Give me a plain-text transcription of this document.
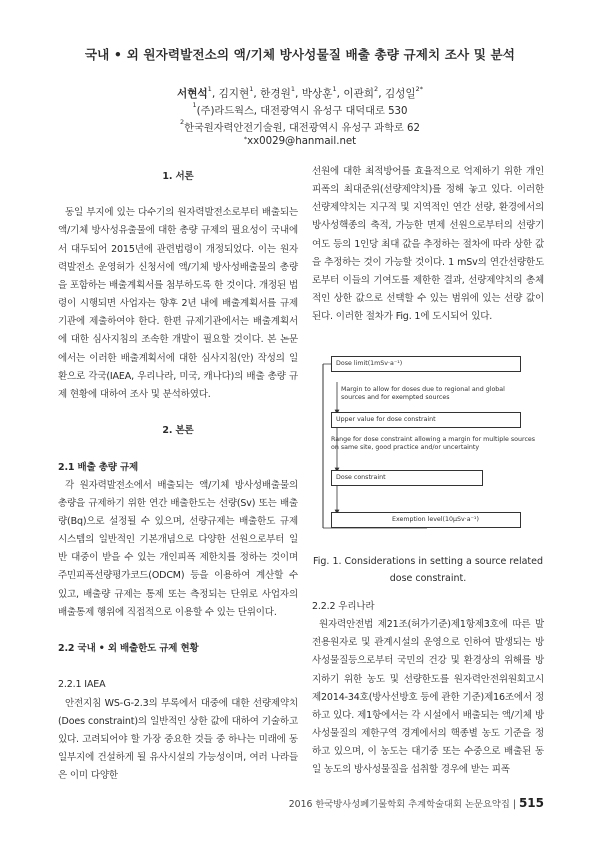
국내 • 외 원자력발전소의 액/기체 방사성물질 배출 총량 규제치 조사 및 분석
서현석$^1$, 김지현$^1$, 한경원$^1$, 박상훈$^1$, 이관희$^2$, 김성일$^{2*}$
$^1$(주)라드웍스, 대전광역시 유성구 대덕대로 530
$^2$한국원자력안전기술원, 대전광역시 유성구 과학로 62
*xx0029@hanmail.net

1. 서론

동일 부지에 있는 다수기의 원자력발전소로부터 배출되는 액/기체 방사성유출물에 대한 총량 규제의 필요성이 국내에서 대두되어 2015년에 관련법령이 개정되었다. 이는 원자력발전소 운영허가 신청서에 액/기체 방사성배출물의 총량을 포함하는 배출계획서를 첨부하도록 한 것이다. 개정된 법령이 시행되면 사업자는 향후 2년 내에 배출계획서를 규제기관에 제출하여야 한다. 한편 규제기관에서는 배출계획서에 대한 심사지침의 조속한 개발이 필요할 것이다. 본 논문에서는 이러한 배출계획서에 대한 심사지침(안) 작성의 일환으로 각국(IAEA, 우리나라, 미국, 캐나다)의 배출 총량 규제 현황에 대하여 조사 및 분석하였다.

2. 본론

2.1 배출 총량 규제

각 원자력발전소에서 배출되는 액/기체 방사성배출물의 총량을 규제하기 위한 연간 배출한도는 선량(Sv) 또는 배출량(Bq)으로 설정될 수 있으며, 선량규제는 배출한도 규제 시스템의 일반적인 기본개념으로 다양한 선원으로부터 일반 대중이 받을 수 있는 개인피폭 제한치를 정하는 것이며 주민피폭선량평가코드(ODCM) 등을 이용하여 계산할 수 있고, 배출량 규제는 통제 또는 측정되는 단위로 사업자의 배출통제 행위에 직접적으로 이용할 수 있는 단위이다.

2.2 국내 • 외 배출한도 규제 현황

2.2.1 IAEA

안전지침 WS-G-2.3의 부록에서 대중에 대한 선량제약치(Does constraint)의 일반적인 상한 값에 대하여 기술하고 있다. 고려되어야 할 가장 중요한 것들 중 하나는 미래에 동일부지에 건설하게 될 유사시설의 가능성이며, 여러 나라들은 이미 다양한

선원에 대한 최적방어를 효율적으로 억제하기 위한 개인피폭의 최대준위(선량제약치)를 정해 놓고 있다. 이러한 선량제약치는 지구적 및 지역적인 연간 선량, 환경에서의 방사성핵종의 축적, 가능한 면제 선원으로부터의 선량기여도 등의 1인당 최대 값을 추정하는 절차에 따라 상한 값을 추정하는 것이 가능할 것이다. 1 mSv의 연간선량한도로부터 이들의 기여도를 제한한 결과, 선량제약치의 총체적인 상한 값으로 선택할 수 있는 범위에 있는 선량 값이 된다. 이러한 절차가 Fig. 1에 도시되어 있다.

Dose limit(1mSv·a⁻¹)
Margin to allow for doses due to regional and global sources and for exempted sources
Upper value for dose constraint
Range for dose constraint allowing a margin for multiple sources on same site, good practice and/or uncertainty
Dose constraint
Exemption level(10μSv·a⁻¹)
Fig. 1. Considerations in setting a source related dose constraint.

2.2.2 우리나라

원자력안전법 제21조(허가기준)제1항제3호에 따른 발전용원자로 및 관계시설의 운영으로 인하여 발생되는 방사성물질등으로부터 국민의 건강 및 환경상의 위해를 방지하기 위한 농도 및 선량한도를 원자력안전위원회고시 제2014-34호(방사선방호 등에 관한 기준)제16조에서 정하고 있다. 제1항에서는 각 시설에서 배출되는 액/기체 방사성물질의 제한구역 경계에서의 핵종별 농도 기준을 정하고 있으며, 이 농도는 대기중 또는 수중으로 배출된 동일 농도의 방사성물질을 섭취할 경우에 받는 피폭

2016 한국방사성폐기물학회 추계학술대회 논문요약집 | 515
